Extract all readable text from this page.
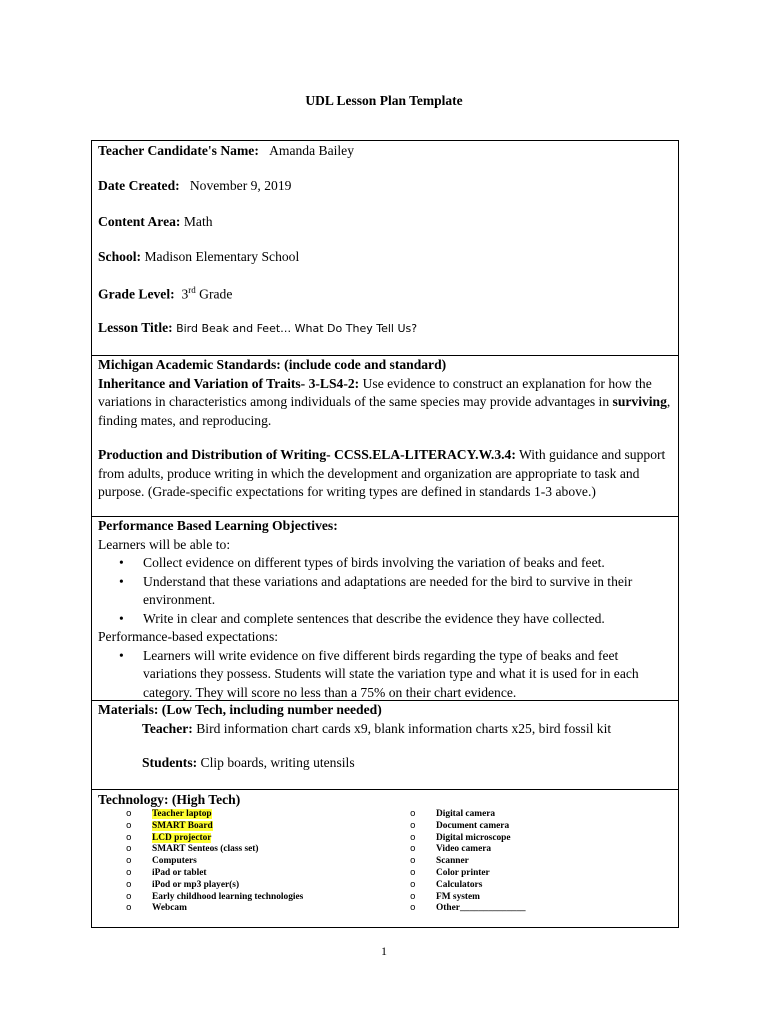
UDL Lesson Plan Template
Teacher Candidate's Name: Amanda Bailey
Date Created: November 9, 2019
Content Area: Math
School: Madison Elementary School
Grade Level: 3rd Grade
Lesson Title: Bird Beak and Feet… What Do They Tell Us?

Michigan Academic Standards: (include code and standard)

Inheritance and Variation of Traits- 3-LS4-2: Use evidence to construct an explanation for how the variations in characteristics among individuals of the same species may provide advantages in surviving, finding mates, and reproducing.

Production and Distribution of Writing- CCSS.ELA-LITERACY.W.3.4: With guidance and support from adults, produce writing in which the development and organization are appropriate to task and purpose. (Grade-specific expectations for writing types are defined in standards 1-3 above.)

Performance Based Learning Objectives:

Learners will be able to:

• Collect evidence on different types of birds involving the variation of beaks and feet.
• Understand that these variations and adaptations are needed for the bird to survive in their environment.
• Write in clear and complete sentences that describe the evidence they have collected.

Performance-based expectations:

• Learners will write evidence on five different birds regarding the type of beaks and feet variations they possess. Students will state the variation type and what it is used for in each category. They will score no less than a 75% on their chart evidence.

Materials: (Low Tech, including number needed)

Teacher: Bird information chart cards x9, blank information charts x25, bird fossil kit

Students: Clip boards, writing utensils

Technology: (High Tech)

o Teacher laptop
o SMART Board
o LCD projector
o SMART Senteos (class set)
o Computers
o iPad or tablet
o iPod or mp3 player(s)
o Early childhood learning technologies
o Webcam
o Digital camera
o Document camera
o Digital microscope
o Video camera
o Scanner
o Color printer
o Calculators
o FM system
o Other______________
1
